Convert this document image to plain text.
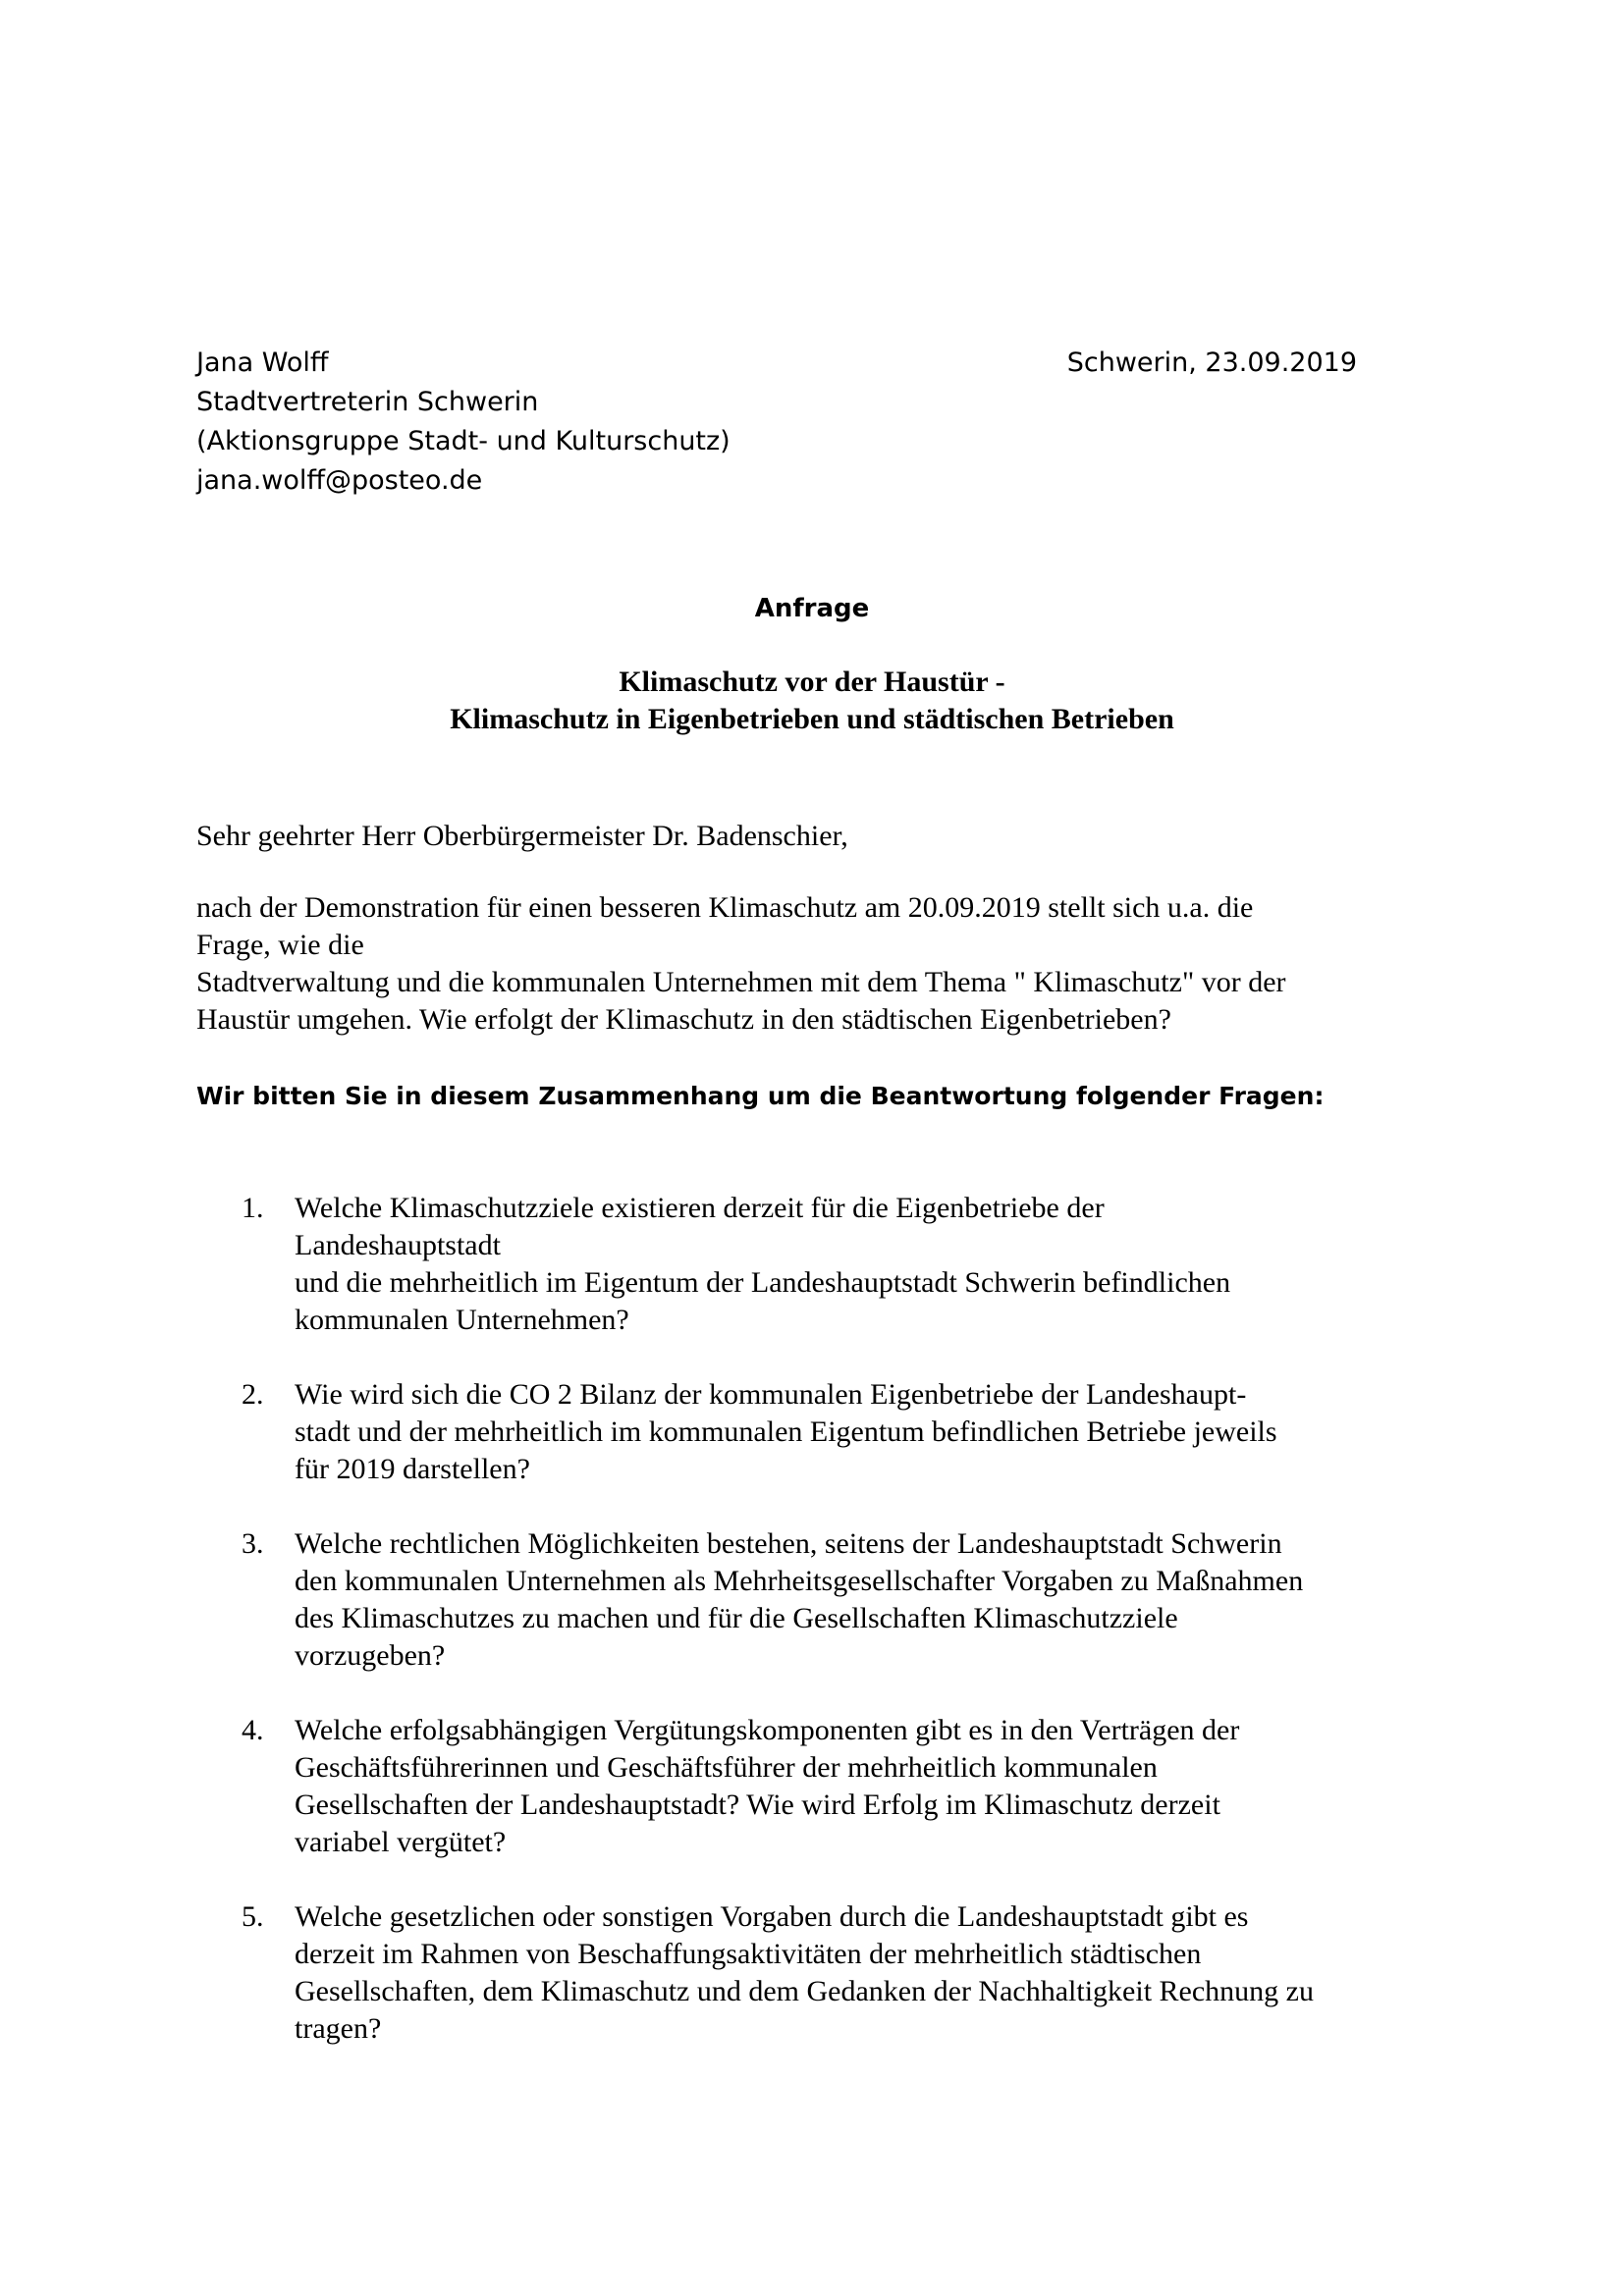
Jana Wolff
Stadtvertreterin Schwerin
(Aktionsgruppe Stadt- und Kulturschutz)
jana.wolff@posteo.de
Schwerin, 23.09.2019
Anfrage
Klimaschutz vor der Haustür -
Klimaschutz in Eigenbetrieben und städtischen Betrieben
Sehr geehrter Herr Oberbürgermeister Dr. Badenschier,
nach der Demonstration für einen besseren Klimaschutz am 20.09.2019 stellt sich u.a. die
Frage, wie die
Stadtverwaltung und die kommunalen Unternehmen mit dem Thema " Klimaschutz" vor der
Haustür umgehen. Wie erfolgt der Klimaschutz in den städtischen Eigenbetrieben?
Wir bitten Sie in diesem Zusammenhang um die Beantwortung folgender Fragen:
1. Welche Klimaschutzziele existieren derzeit für die Eigenbetriebe der
Landeshauptstadt
und die mehrheitlich im Eigentum der Landeshauptstadt Schwerin befindlichen
kommunalen Unternehmen?
2. Wie wird sich die CO 2 Bilanz der kommunalen Eigenbetriebe der Landeshaupt-
stadt und der mehrheitlich im kommunalen Eigentum befindlichen Betriebe jeweils
für 2019 darstellen?
3. Welche rechtlichen Möglichkeiten bestehen, seitens der Landeshauptstadt Schwerin
den kommunalen Unternehmen als Mehrheitsgesellschafter Vorgaben zu Maßnahmen
des Klimaschutzes zu machen und für die Gesellschaften Klimaschutzziele
vorzugeben?
4. Welche erfolgsabhängigen Vergütungskomponenten gibt es in den Verträgen der
Geschäftsführerinnen und Geschäftsführer der mehrheitlich kommunalen
Gesellschaften der Landeshauptstadt? Wie wird Erfolg im Klimaschutz derzeit
variabel vergütet?
5. Welche gesetzlichen oder sonstigen Vorgaben durch die Landeshauptstadt gibt es
derzeit im Rahmen von Beschaffungsaktivitäten der mehrheitlich städtischen
Gesellschaften, dem Klimaschutz und dem Gedanken der Nachhaltigkeit Rechnung zu
tragen?
